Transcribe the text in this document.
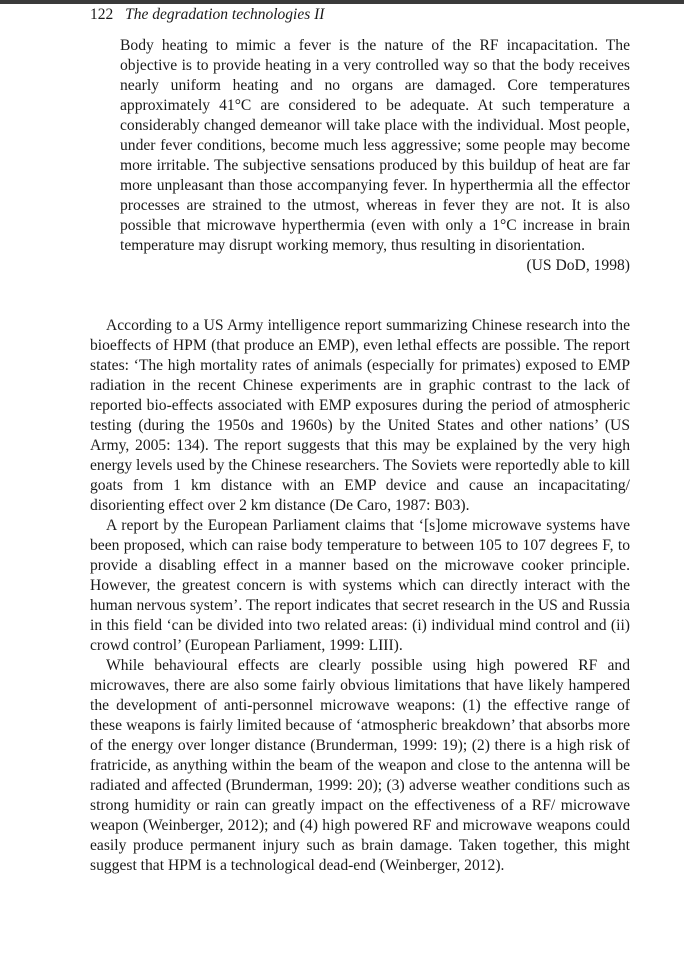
122 The degradation technologies II

Body heating to mimic a fever is the nature of the RF incapacitation. The objective is to provide heating in a very controlled way so that the body receives nearly uniform heating and no organs are damaged. Core temperatures approximately 41°C are considered to be adequate. At such temperature a considerably changed demeanor will take place with the individual. Most people, under fever conditions, become much less aggressive; some people may become more irritable. The subjective sensations produced by this buildup of heat are far more unpleasant than those accompanying fever. In hyperthermia all the effector processes are strained to the utmost, whereas in fever they are not. It is also possible that microwave hyperthermia (even with only a 1°C increase in brain temperature may disrupt working memory, thus resulting in disorientation.

(US DoD, 1998)

According to a US Army intelligence report summarizing Chinese research into the bioeffects of HPM (that produce an EMP), even lethal effects are possible. The report states: ‘The high mortality rates of animals (especially for primates) exposed to EMP radiation in the recent Chinese experiments are in graphic contrast to the lack of reported bio-effects associated with EMP exposures during the period of atmospheric testing (during the 1950s and 1960s) by the United States and other nations’ (US Army, 2005: 134). The report suggests that this may be explained by the very high energy levels used by the Chinese researchers. The Soviets were reportedly able to kill goats from 1 km distance with an EMP device and cause an incapacitating/ disorienting effect over 2 km distance (De Caro, 1987: B03).

A report by the European Parliament claims that ‘[s]ome microwave systems have been proposed, which can raise body temperature to between 105 to 107 degrees F, to provide a disabling effect in a manner based on the microwave cooker principle. However, the greatest concern is with systems which can directly interact with the human nervous system’. The report indicates that secret research in the US and Russia in this field ‘can be divided into two related areas: (i) individual mind control and (ii) crowd control’ (European Parliament, 1999: LIII).

While behavioural effects are clearly possible using high powered RF and microwaves, there are also some fairly obvious limitations that have likely hampered the development of anti-personnel microwave weapons: (1) the effective range of these weapons is fairly limited because of ‘atmospheric breakdown’ that absorbs more of the energy over longer distance (Brunderman, 1999: 19); (2) there is a high risk of fratricide, as anything within the beam of the weapon and close to the antenna will be radiated and affected (Brunderman, 1999: 20); (3) adverse weather conditions such as strong humidity or rain can greatly impact on the effectiveness of a RF/ microwave weapon (Weinberger, 2012); and (4) high powered RF and microwave weapons could easily produce permanent injury such as brain damage. Taken together, this might suggest that HPM is a technological dead-end (Weinberger, 2012).
